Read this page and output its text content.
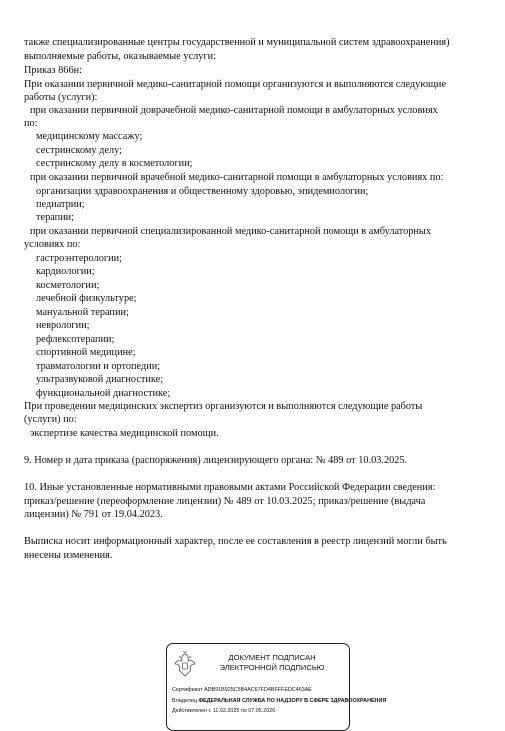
также специализированные центры государственной и муниципальной систем здравоохранения)
выполняемые работы, оказываемые услуги:
Приказ 866н:
При оказании первичной медико-санитарной помощи организуются и выполняются следующие
работы (услуги):
при оказании первичной доврачебной медико-санитарной помощи в амбулаторных условиях
по:
медицинскому массажу;
сестринскому делу;
сестринскому делу в косметологии;
при оказании первичной врачебной медико-санитарной помощи в амбулаторных условиях по:
организации здравоохранения и общественному здоровью, эпидемиологии;
педиатрии;
терапии;
при оказании первичной специализированной медико-санитарной помощи в амбулаторных
условиях по:
гастроэнтерологии;
кардиологии;
косметологии;
лечебной физкультуре;
мануальной терапии;
неврологии;
рефлексотерапии;
спортивной медицине;
травматологии и ортопедии;
ультразвуковой диагностике;
функциональной диагностике;
При проведении медицинских экспертиз организуются и выполняются следующие работы
(услуги) по:
экспертизе качества медицинской помощи.
9. Номер и дата приказа (распоряжения) лицензирующего органа: № 489 от 10.03.2025.
10. Иные установленные нормативными правовыми актами Российской Федерации сведения:
приказ/решение (переоформление лицензии) № 489 от 10.03.2025; приказ/решение (выдача
лицензии) № 791 от 19.04.2023.
Выписка носит информационный характер, после ее составления в реестр лицензий могли быть
внесены изменения.
ДОКУМЕНТ ПОДПИСАН
ЭЛЕКТРОННОЙ ПОДПИСЬЮ
Сертификат ADB91B925C5B4AC67FD4BFFFEDC463AE
Владелец ФЕДЕРАЛЬНАЯ СЛУЖБА ПО НАДЗОРУ В СФЕРЕ ЗДРАВООХРАНЕНИЯ
Действителен с 11.02.2025 по 07.05.2026
